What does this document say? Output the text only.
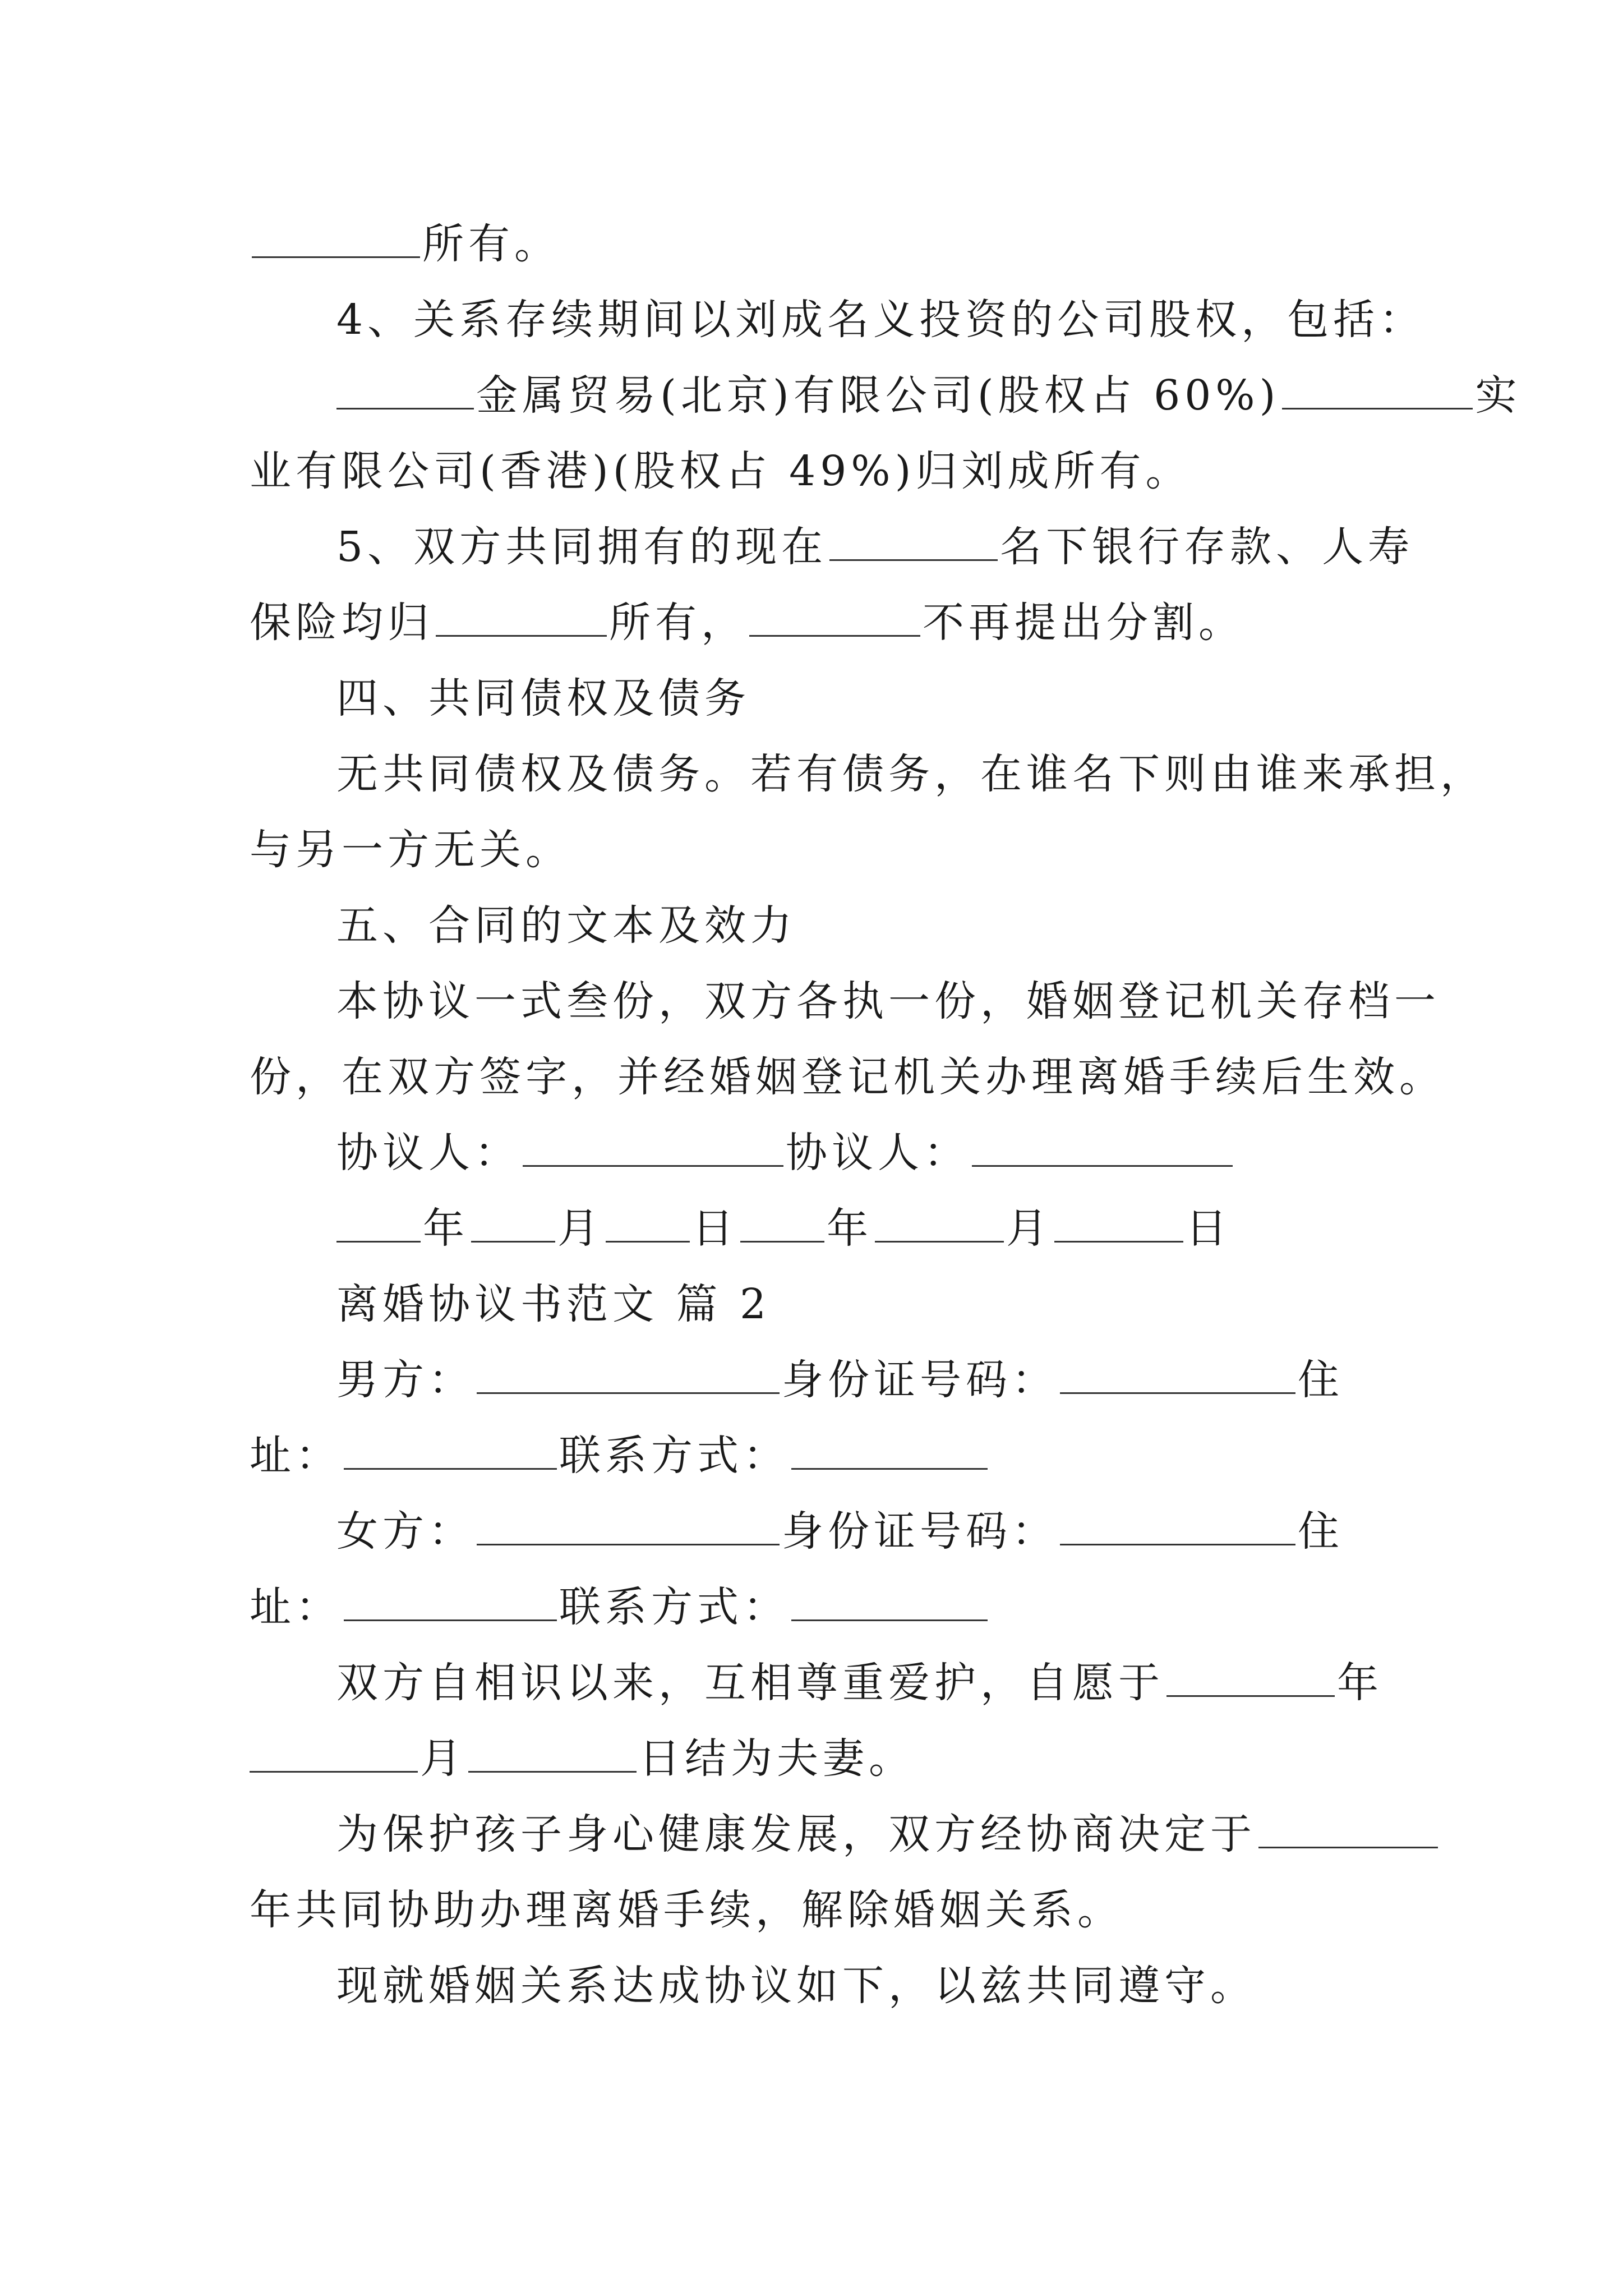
所有。
4、关系存续期间以刘成名义投资的公司股权，包括：
金属贸易(北京)有限公司(股权占 60%)	实
业有限公司(香港)(股权占 49%)归刘成所有。
5、双方共同拥有的现在	名下银行存款、人寿
保险均归	所有，	不再提出分割。
四、共同债权及债务
无共同债权及债务。若有债务，在谁名下则由谁来承担，
与另一方无关。
五、合同的文本及效力
本协议一式叁份，双方各执一份，婚姻登记机关存档一
份，在双方签字，并经婚姻登记机关办理离婚手续后生效。
协议人：	协议人：
年 月 日 年	月	日
离婚协议书范文 篇 2
男方：	身份证号码：	住
址：	联系方式：
女方：	身份证号码：	住
址：	联系方式：
双方自相识以来，互相尊重爱护，自愿于	年
月	日结为夫妻。
为保护孩子身心健康发展，双方经协商决定于
年共同协助办理离婚手续，解除婚姻关系。
现就婚姻关系达成协议如下，以兹共同遵守。
